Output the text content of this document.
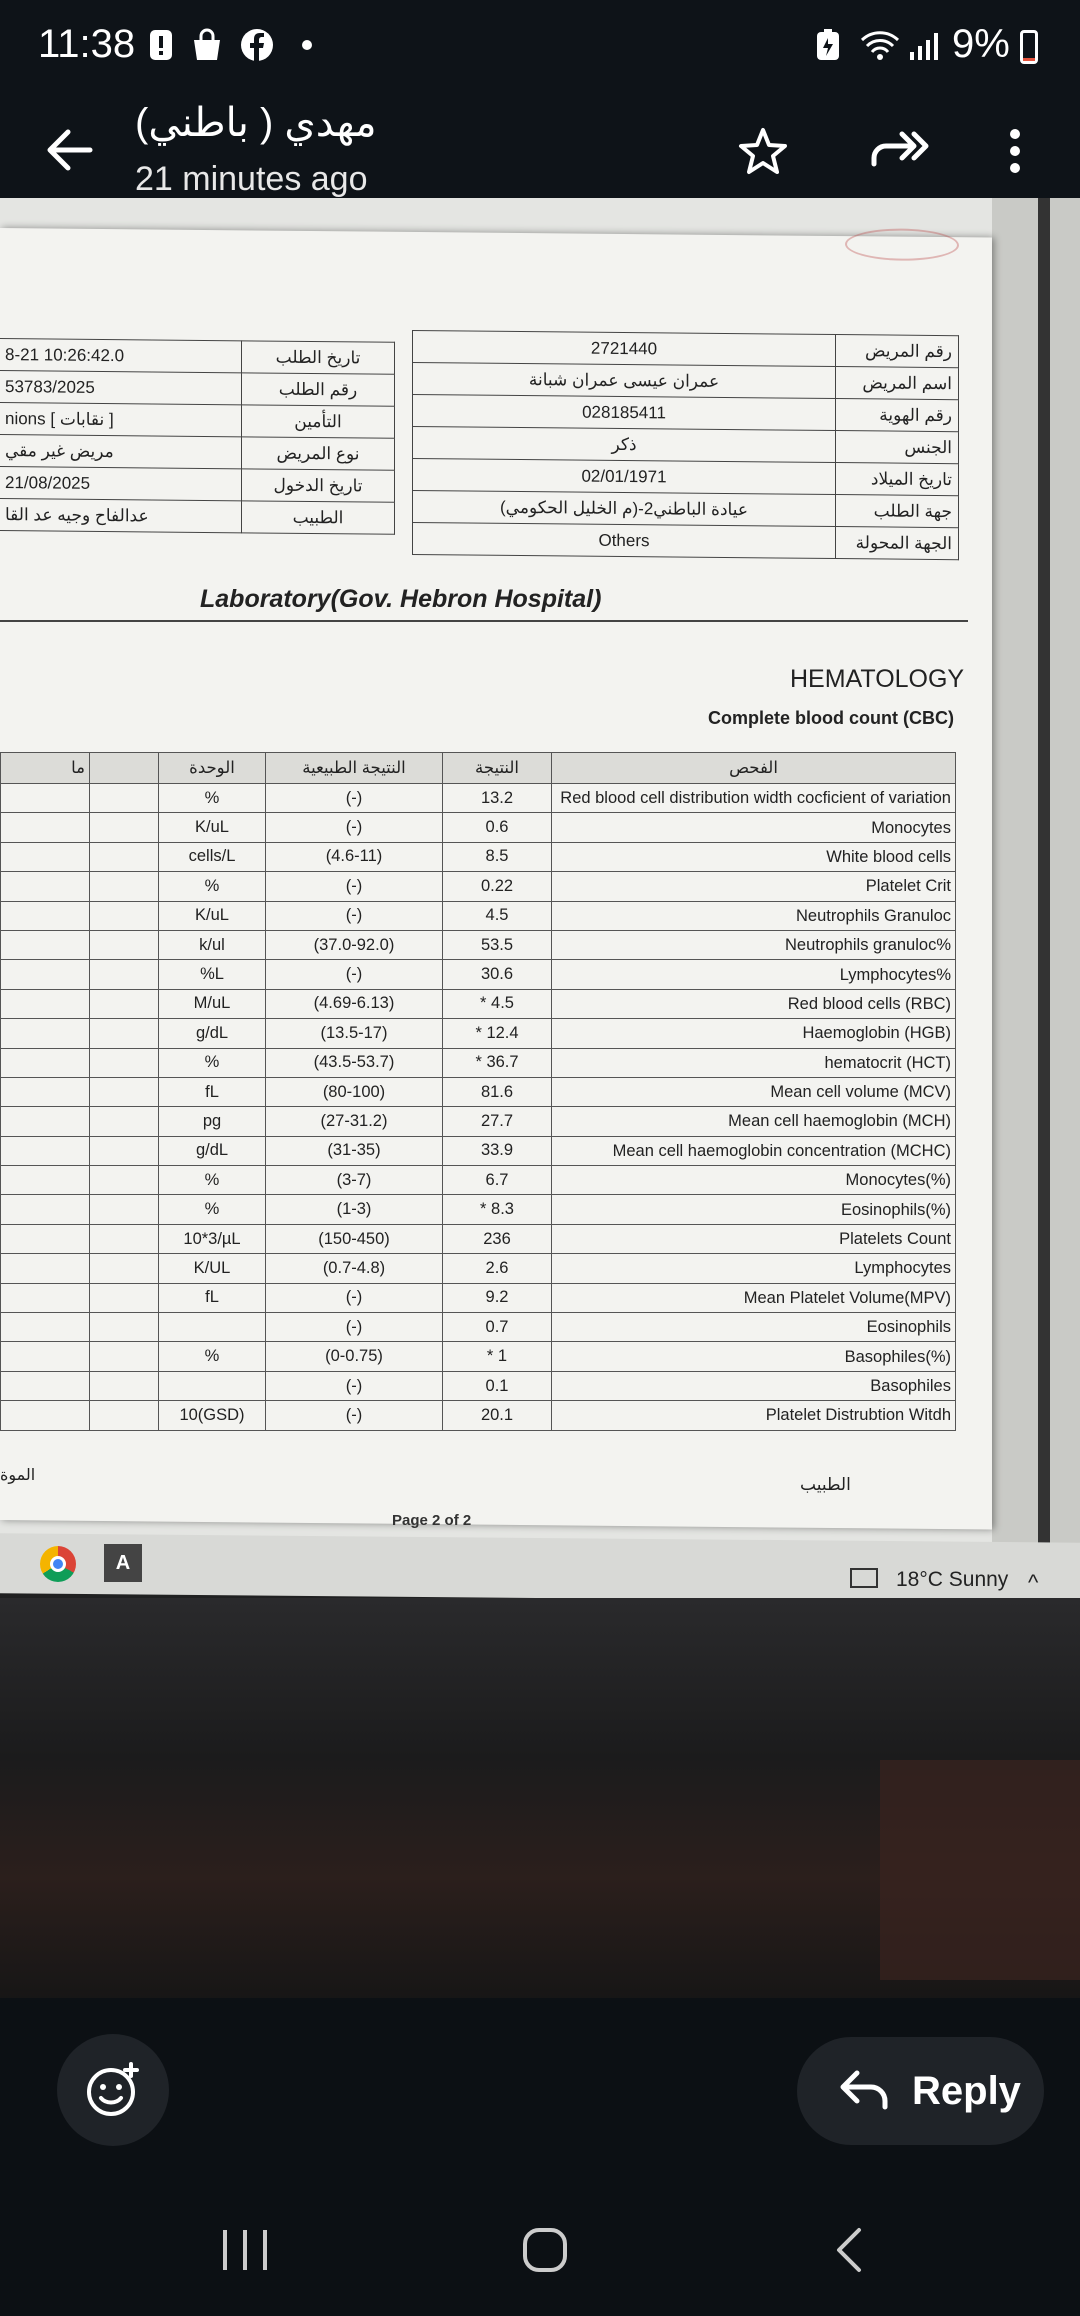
11:38	9%
مهدي ( باطني)
21 minutes ago
8-21 10:26:42.0	تاريخ الطلب
53783/2025	رقم الطلب
nions [ نقابات ]	التأمين
مريض غير مقي	نوع المريض
21/08/2025	تاريخ الدخول
عدالفاح وجيه عد القا	الطبيب
2721440	رقم المريض
عمران عيسى عمران شبانة	اسم المريض
028185411	رقم الهوية
ذكر	الجنس
02/01/1971	تاريخ الميلاد
عيادة الباطني2-(م الخليل الحكومي)	جهة الطلب
Others	الجهة المحولة
Laboratory(Gov. Hebron Hospital)
HEMATOLOGY
Complete blood count (CBC)
ما		الوحدة	النتيجة الطبيعية	النتيجة	الفحص
		%	(-)	13.2	Red blood cell distribution width cocficient of variation
		K/uL	(-)	0.6	Monocytes
		cells/L	(4.6-11)	8.5	White blood cells
		%	(-)	0.22	Platelet Crit
		K/uL	(-)	4.5	Neutrophils Granuloc
		k/ul	(37.0-92.0)	53.5	Neutrophils granuloc%
		%L	(-)	30.6	Lymphocytes%
		M/uL	(4.69-6.13)	* 4.5	Red blood cells (RBC)
		g/dL	(13.5-17)	* 12.4	Haemoglobin (HGB)
		%	(43.5-53.7)	* 36.7	hematocrit (HCT)
		fL	(80-100)	81.6	Mean cell volume (MCV)
		pg	(27-31.2)	27.7	Mean cell haemoglobin (MCH)
		g/dL	(31-35)	33.9	Mean cell haemoglobin concentration (MCHC)
		%	(3-7)	6.7	Monocytes(%)
		%	(1-3)	* 8.3	Eosinophils(%)
		10*3/µL	(150-450)	236	Platelets Count
		K/UL	(0.7-4.8)	2.6	Lymphocytes
		fL	(-)	9.2	Mean Platelet Volume(MPV)
			(-)	0.7	Eosinophils
		%	(0-0.75)	* 1	Basophiles(%)
			(-)	0.1	Basophiles
		10(GSD)	(-)	20.1	Platelet Distrubtion Witdh
الموة	الطبيب
Page 2 of 2
A
18°C Sunny ^
Reply
